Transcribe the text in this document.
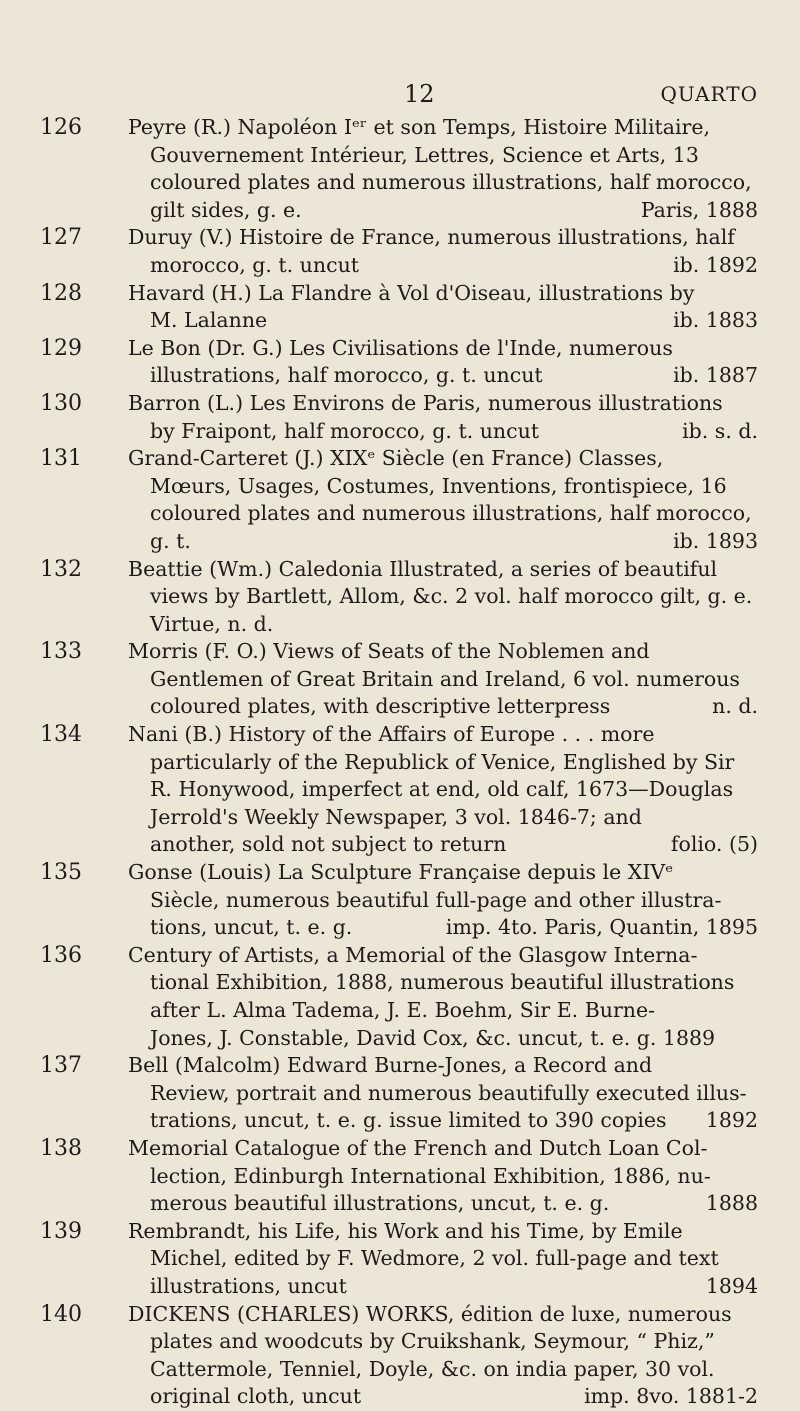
12	QUARTO
126	Peyre (R.) Napoléon Iᵉʳ et son Temps, Histoire Militaire,
Gouvernement Intérieur, Lettres, Science et Arts, 13
coloured plates and numerous illustrations, half morocco,
gilt sides, g. e.	Paris, 1888
127	Duruy (V.) Histoire de France, numerous illustrations, half
morocco, g. t. uncut	ib. 1892
128	Havard (H.) La Flandre à Vol d'Oiseau, illustrations by
M. Lalanne	ib. 1883
129	Le Bon (Dr. G.) Les Civilisations de l'Inde, numerous
illustrations, half morocco, g. t. uncut	ib. 1887
130	Barron (L.) Les Environs de Paris, numerous illustrations
by Fraipont, half morocco, g. t. uncut	ib. s. d.
131	Grand-Carteret (J.) XIXᵉ Siècle (en France) Classes,
Mœurs, Usages, Costumes, Inventions, frontispiece, 16
coloured plates and numerous illustrations, half morocco,
g. t.	ib. 1893
132	Beattie (Wm.) Caledonia Illustrated, a series of beautiful
views by Bartlett, Allom, &c. 2 vol. half morocco gilt, g. e.
Virtue, n. d.
133	Morris (F. O.) Views of Seats of the Noblemen and
Gentlemen of Great Britain and Ireland, 6 vol. numerous
coloured plates, with descriptive letterpress	n. d.
134	Nani (B.) History of the Affairs of Europe . . . more
particularly of the Republick of Venice, Englished by Sir
R. Honywood, imperfect at end, old calf, 1673—Douglas
Jerrold's Weekly Newspaper, 3 vol. 1846-7; and
another, sold not subject to return	folio. (5)
135	Gonse (Louis) La Sculpture Française depuis le XIVᵉ
Siècle, numerous beautiful full-page and other illustra-
tions, uncut, t. e. g.	imp. 4to. Paris, Quantin, 1895
136	Century of Artists, a Memorial of the Glasgow Interna-
tional Exhibition, 1888, numerous beautiful illustrations
after L. Alma Tadema, J. E. Boehm, Sir E. Burne-
Jones, J. Constable, David Cox, &c. uncut, t. e. g. 1889
137	Bell (Malcolm) Edward Burne-Jones, a Record and
Review, portrait and numerous beautifully executed illus-
trations, uncut, t. e. g. issue limited to 390 copies 1892
138	Memorial Catalogue of the French and Dutch Loan Col-
lection, Edinburgh International Exhibition, 1886, nu-
merous beautiful illustrations, uncut, t. e. g.	1888
139	Rembrandt, his Life, his Work and his Time, by Emile
Michel, edited by F. Wedmore, 2 vol. full-page and text
illustrations, uncut	1894
140	DICKENS (CHARLES) WORKS, édition de luxe, numerous
plates and woodcuts by Cruikshank, Seymour, “ Phiz,”
Cattermole, Tenniel, Doyle, &c. on india paper, 30 vol.
original cloth, uncut	imp. 8vo. 1881-2
